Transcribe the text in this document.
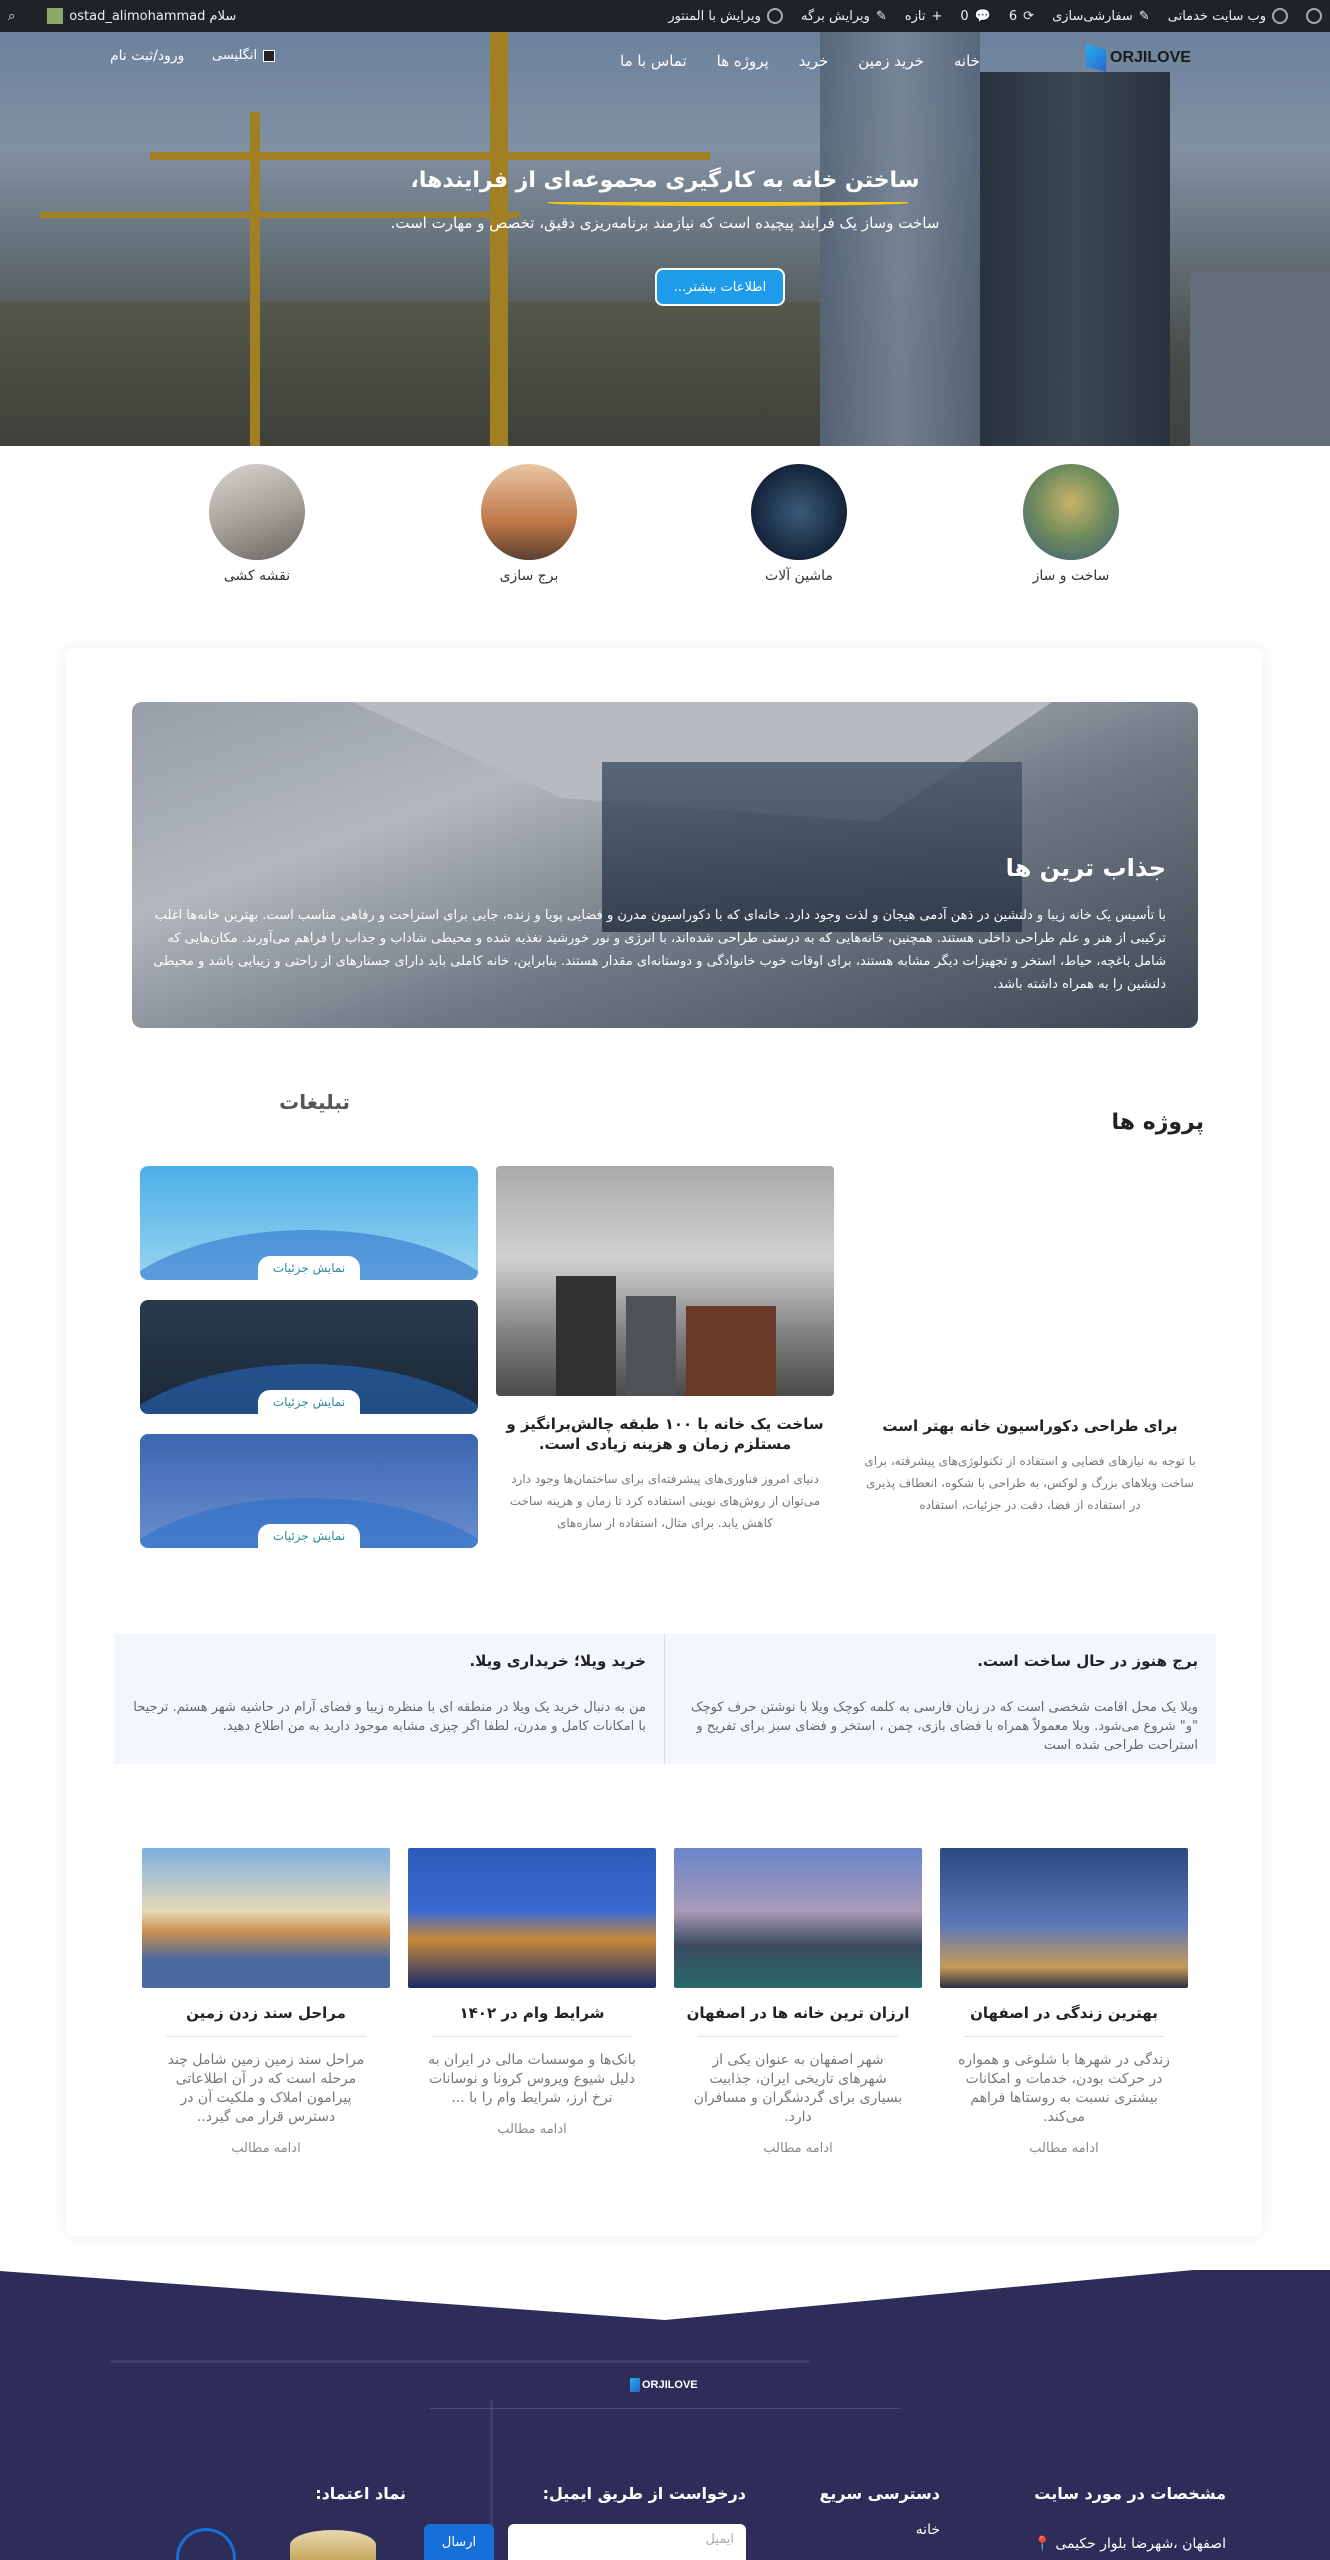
وب سایت خدماتی
✎
سفارشی‌سازی
⟳
6
💬
0
+
تازه
✎
ویرایش برگه
ویرایش با المنتور
سلام ostad_alimohammad
⌕
ORJILOVE
خانه
خرید زمین
خرید
پروژه ها
تماس با ما
انگلیسی
ورود/ثبت نام
ساختن خانه به کارگیری مجموعه‌ای از فرایندها،
ساخت وساز یک فرایند پیچیده است که نیازمند برنامه‌ریزی دقیق، تخصص و مهارت است.
اطلاعات بیشتر...
ساخت و ساز
ماشین آلات
برج سازی
نقشه کشی
جذاب ترین ها
با تأسیس یک خانه زیبا و دلنشین در ذهن آدمی هیجان و لذت وجود دارد. خانه‌ای که با دکوراسیون مدرن و فضایی پویا و زنده، جایی برای استراحت و رفاهی مناسب است. بهترین خانه‌ها اغلب ترکیبی از هنر و علم طراحی داخلی هستند. همچنین، خانه‌هایی که به درستی طراحی شده‌اند، با انرژی و نور خورشید تغذیه شده و محیطی شاداب و جذاب را فراهم می‌آورند. مکان‌هایی که شامل باغچه، حیاط، استخر و تجهیزات دیگر مشابه هستند، برای اوقات خوب خانوادگی و دوستانه‌ای مقدار هستند. بنابراین، خانه کاملی باید دارای جستارهای از راحتی و زیبایی باشد و محیطی دلنشین را به همراه داشته باشد.
پروژه ها
تبلیغات
برای طراحی دکوراسیون خانه بهتر است
با توجه به نیازهای فضایی و استفاده از تکنولوژی‌های پیشرفته، برای ساخت ویلاهای بزرگ و لوکس، به طراحی با شکوه، انعطاف پذیری در استفاده از فضا، دقت در جزئیات، استفاده
ساخت یک خانه با ۱۰۰ طبقه چالش‌برانگیز و مستلزم زمان و هزینه زیادی است.
دنیای امروز فناوری‌های پیشرفته‌ای برای ساختمان‌ها وجود دارد می‌توان از روش‌های نوینی استفاده کرد تا زمان و هزینه ساخت کاهش یابد. برای مثال، استفاده از سازه‌های
نمایش جزئیات
نمایش جزئیات
نمایش جزئیات
برج هنوز در حال ساخت است.
ویلا یک محل اقامت شخصی است که در زبان فارسی به کلمه کوچک ویلا با نوشتن حرف کوچک "و" شروع می‌شود. ویلا معمولاً همراه با فضای بازی، چمن ، استخر و فضای سبز برای تفریح و استراحت طراحی شده است
خرید ویلا؛ خریداری ویلا.
من به دنبال خرید یک ویلا در منطقه ای با منظره زیبا و فضای آرام در حاشیه شهر هستم. ترجیحا با امکانات کامل و مدرن، لطفا اگر چیزی مشابه موجود دارید به من اطلاع دهید.
بهترین زندگی در اصفهان
زندگی در شهرها با شلوغی و همواره در حرکت بودن، خدمات و امکانات بیشتری نسبت به روستاها فراهم می‌کند.
ادامه مطالب
ارزان ترین خانه ها در اصفهان
شهر اصفهان به عنوان یکی از شهرهای تاریخی ایران، جذابیت بسیاری برای گردشگران و مسافران دارد.
ادامه مطالب
شرایط وام در ۱۴۰۲
بانک‌ها و موسسات مالی در ایران به دلیل شیوع ویروس کرونا و نوسانات نرخ ارز، شرایط وام را با ...
ادامه مطالب
مراحل سند زدن زمین
مراحل سند زمین زمین شامل چند مرحله است که در آن اطلاعاتی پیرامون املاک و ملکیت آن در دسترس قرار می گیرد..
ادامه مطالب
ORJILOVE
مشخصات در مورد سایت
اصفهان ،شهرضا بلوار حکیمی 📍
دسترسی سریع
خانه
درخواست از طریق ایمیل:
ایمیل
ارسال
نماد اعتماد:
